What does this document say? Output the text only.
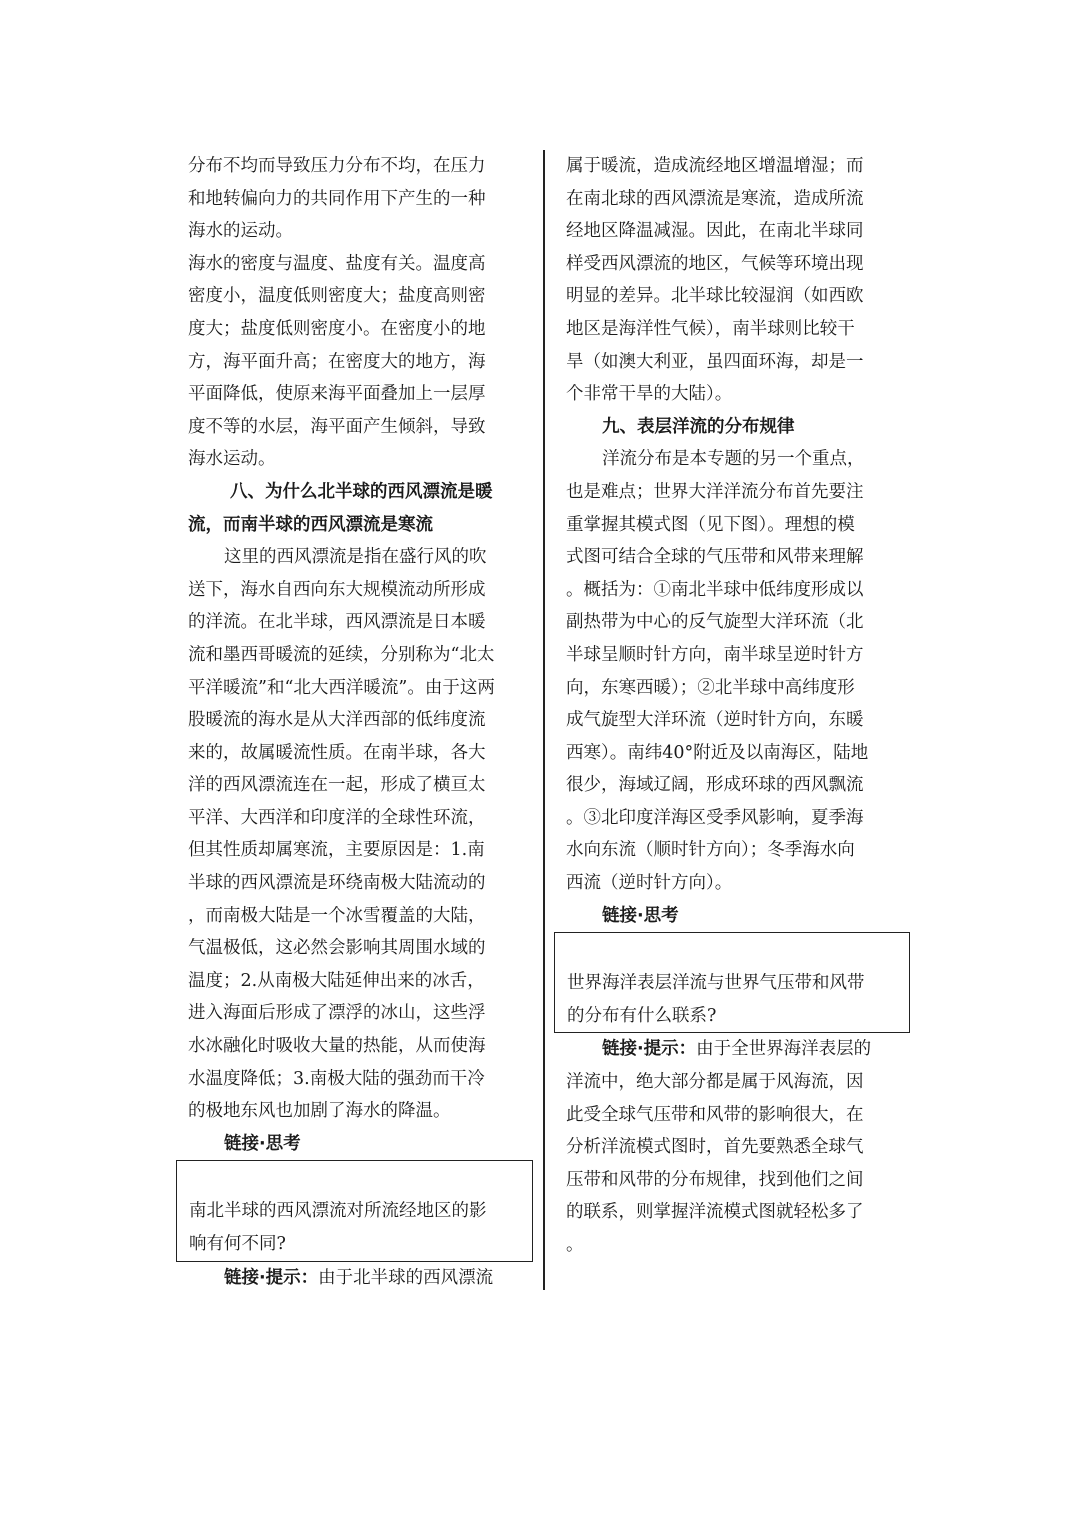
分布不均而导致压力分布不均，在压力
和地转偏向力的共同作用下产生的一种
海水的运动。
海水的密度与温度、盐度有关。温度高
密度小，温度低则密度大；盐度高则密
度大；盐度低则密度小。在密度小的地
方，海平面升高；在密度大的地方，海
平面降低，使原来海平面叠加上一层厚
度不等的水层，海平面产生倾斜，导致
海水运动。
八、为什么北半球的西风漂流是暖
流，而南半球的西风漂流是寒流
这里的西风漂流是指在盛行风的吹
送下，海水自西向东大规模流动所形成
的洋流。在北半球，西风漂流是日本暖
流和墨西哥暖流的延续，分别称为“北太
平洋暖流”和“北大西洋暖流”。由于这两
股暖流的海水是从大洋西部的低纬度流
来的，故属暖流性质。在南半球，各大
洋的西风漂流连在一起，形成了横亘太
平洋、大西洋和印度洋的全球性环流，
但其性质却属寒流，主要原因是：1.南
半球的西风漂流是环绕南极大陆流动的
，而南极大陆是一个冰雪覆盖的大陆，
气温极低，这必然会影响其周围水域的
温度；2.从南极大陆延伸出来的冰舌，
进入海面后形成了漂浮的冰山，这些浮
水冰融化时吸收大量的热能，从而使海
水温度降低；3.南极大陆的强劲而干冷
的极地东风也加剧了海水的降温。
链接·思考
南北半球的西风漂流对所流经地区的影
响有何不同?
链接·提示：由于北半球的西风漂流
属于暖流，造成流经地区增温增湿；而
在南北球的西风漂流是寒流，造成所流
经地区降温减湿。因此，在南北半球同
样受西风漂流的地区，气候等环境出现
明显的差异。北半球比较湿润（如西欧
地区是海洋性气候），南半球则比较干
旱（如澳大利亚，虽四面环海，却是一
个非常干旱的大陆）。
九、表层洋流的分布规律
洋流分布是本专题的另一个重点，
也是难点；世界大洋洋流分布首先要注
重掌握其模式图（见下图）。理想的模
式图可结合全球的气压带和风带来理解
。概括为：①南北半球中低纬度形成以
副热带为中心的反气旋型大洋环流（北
半球呈顺时针方向，南半球呈逆时针方
向，东寒西暖）；②北半球中高纬度形
成气旋型大洋环流（逆时针方向，东暖
西寒）。南纬40°附近及以南海区，陆地
很少，海域辽阔，形成环球的西风飘流
。③北印度洋海区受季风影响，夏季海
水向东流（顺时针方向）；冬季海水向
西流（逆时针方向）。
链接·思考
世界海洋表层洋流与世界气压带和风带
的分布有什么联系?
链接·提示：由于全世界海洋表层的
洋流中，绝大部分都是属于风海流，因
此受全球气压带和风带的影响很大，在
分析洋流模式图时，首先要熟悉全球气
压带和风带的分布规律，找到他们之间
的联系，则掌握洋流模式图就轻松多了
。
